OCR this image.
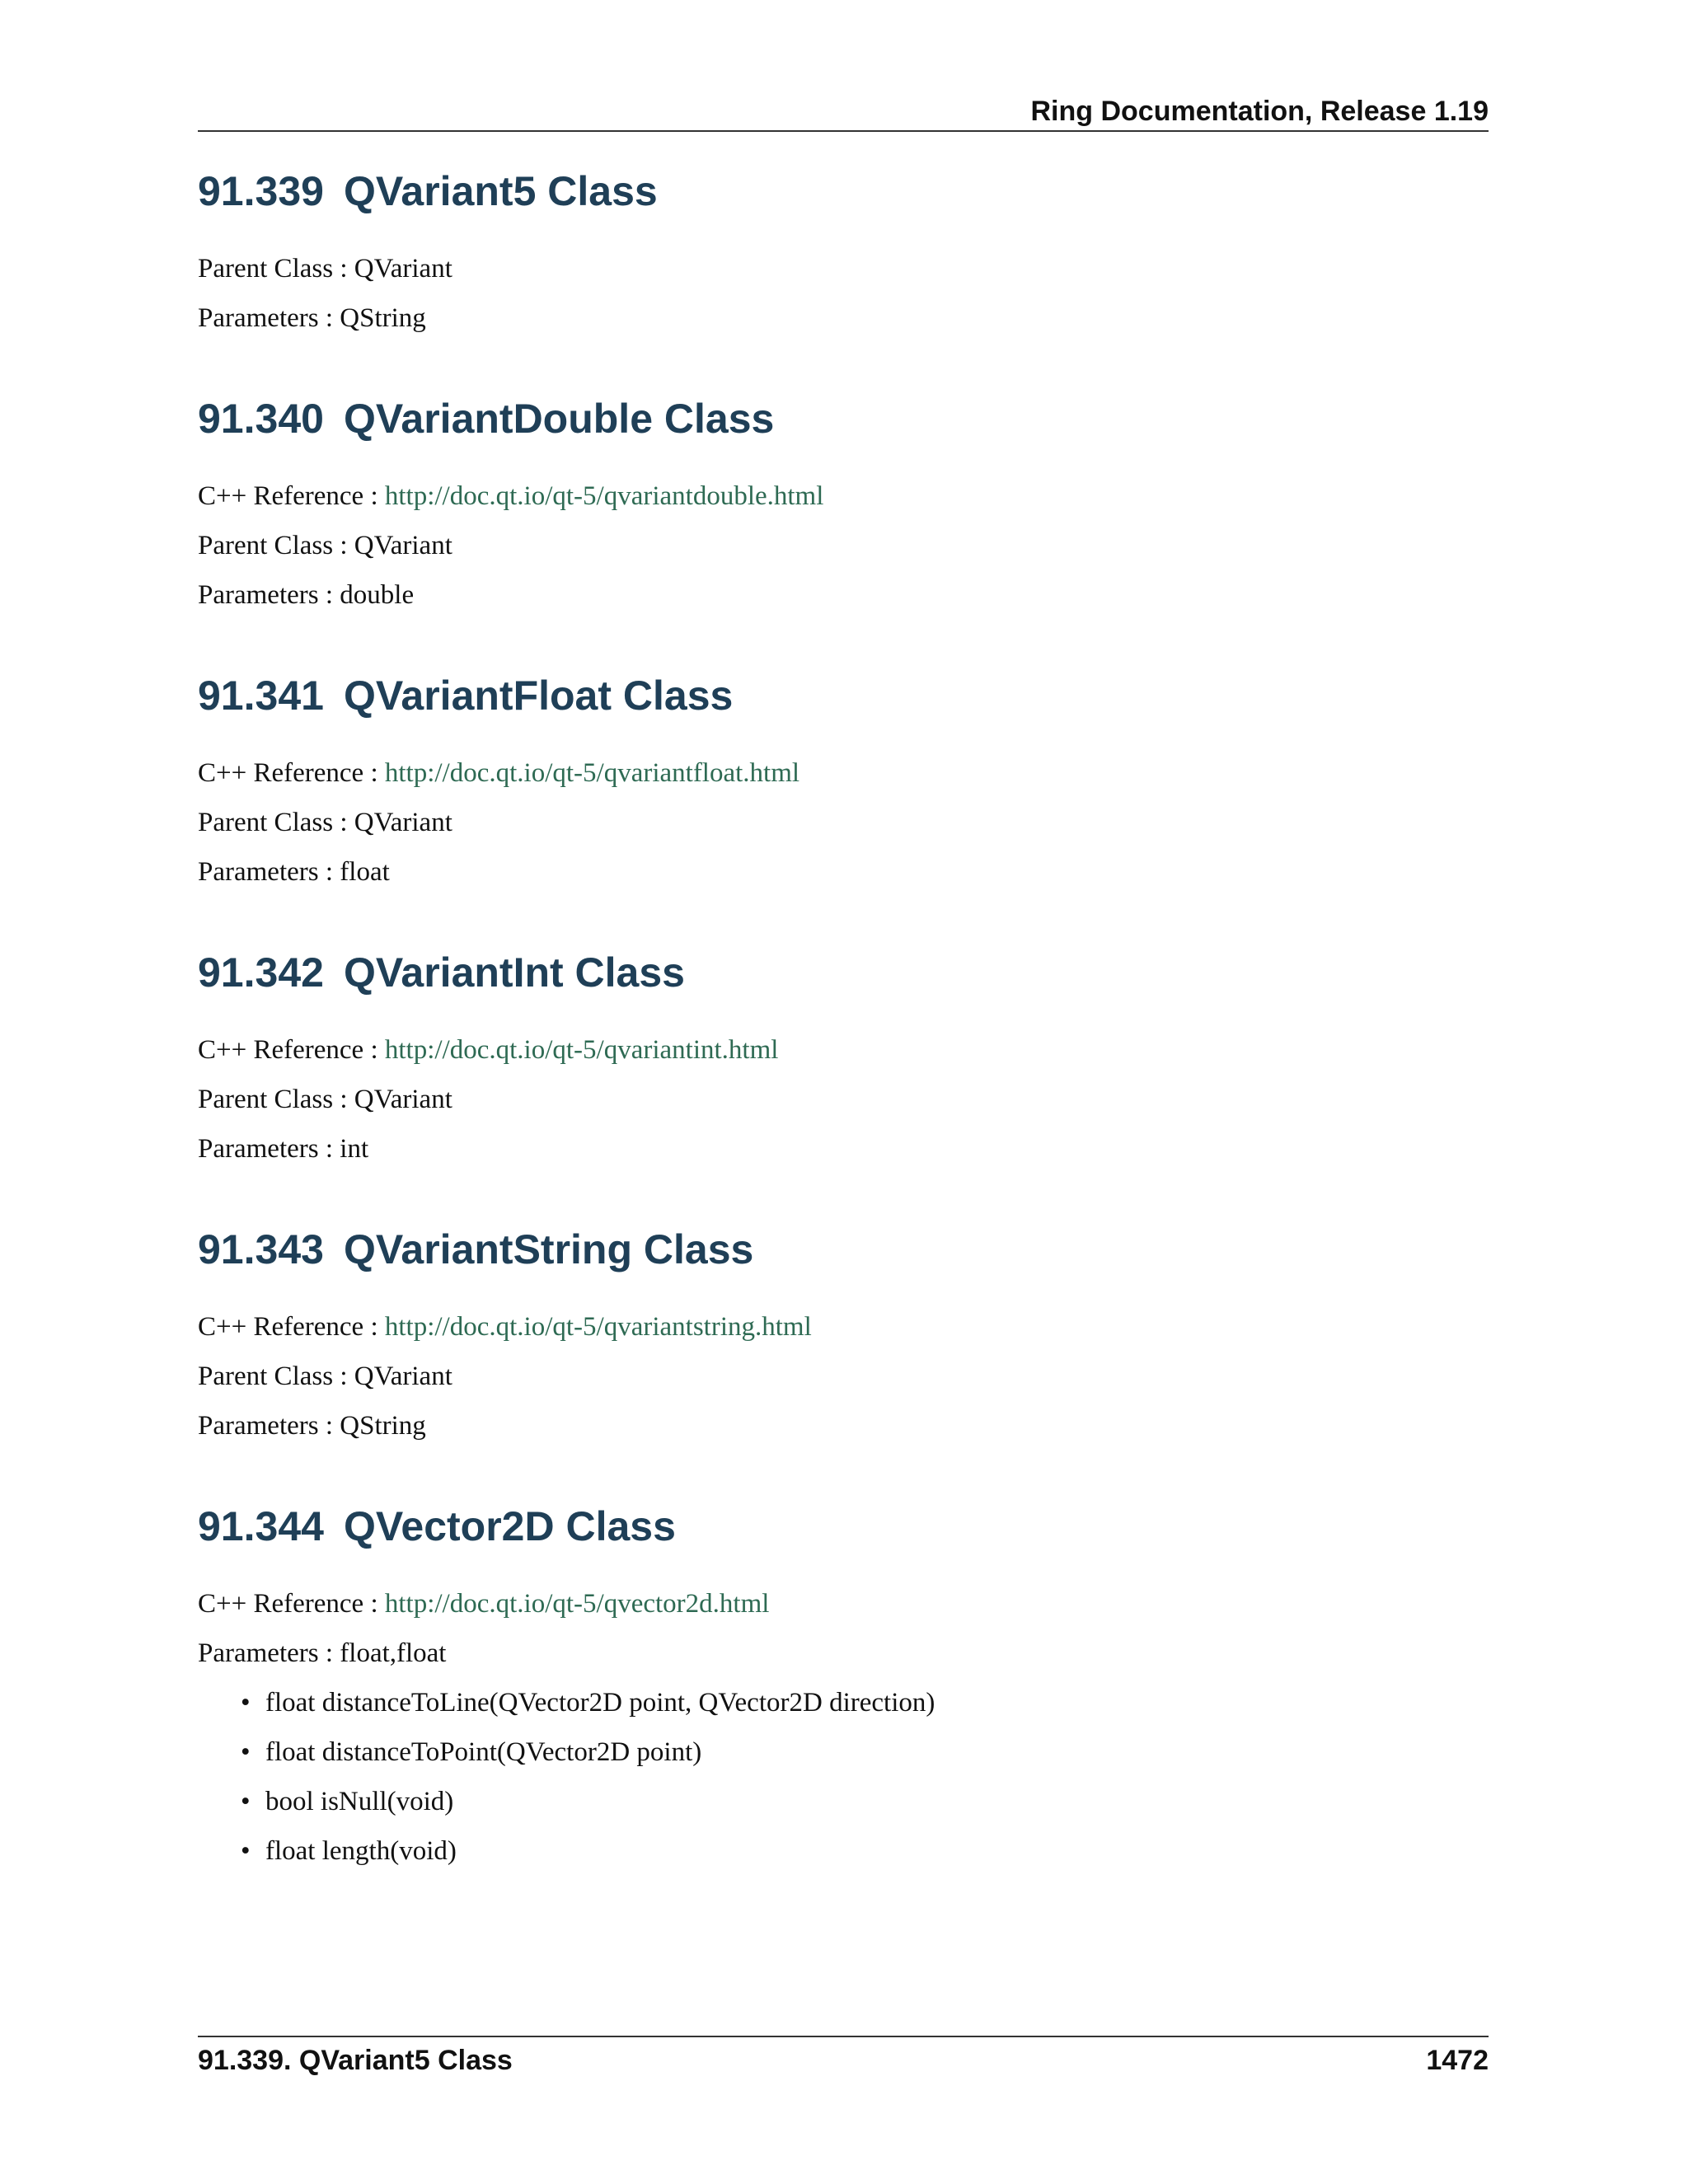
Ring Documentation, Release 1.19
91.339 QVariant5 Class
Parent Class : QVariant
Parameters : QString
91.340 QVariantDouble Class
C++ Reference : http://doc.qt.io/qt-5/qvariantdouble.html
Parent Class : QVariant
Parameters : double
91.341 QVariantFloat Class
C++ Reference : http://doc.qt.io/qt-5/qvariantfloat.html
Parent Class : QVariant
Parameters : float
91.342 QVariantInt Class
C++ Reference : http://doc.qt.io/qt-5/qvariantint.html
Parent Class : QVariant
Parameters : int
91.343 QVariantString Class
C++ Reference : http://doc.qt.io/qt-5/qvariantstring.html
Parent Class : QVariant
Parameters : QString
91.344 QVector2D Class
C++ Reference : http://doc.qt.io/qt-5/qvector2d.html
Parameters : float,float
• float distanceToLine(QVector2D point, QVector2D direction)
• float distanceToPoint(QVector2D point)
• bool isNull(void)
• float length(void)
91.339. QVariant5 Class	1472
